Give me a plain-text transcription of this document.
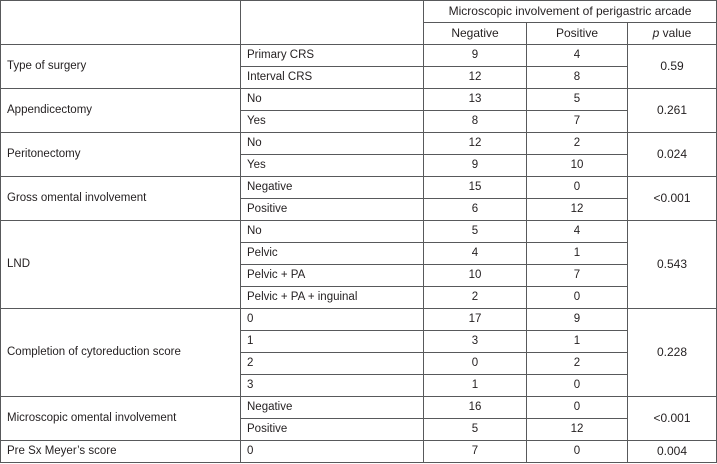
		Microscopic involvement of perigastric arcade		
		Negative	Positive	p value
Type of surgery	Primary CRS	9	4	0.59
	Interval CRS	12	8	
Appendicectomy	No	13	5	0.261
	Yes	8	7	
Peritonectomy	No	12	2	0.024
	Yes	9	10	
Gross omental involvement	Negative	15	0	<0.001
	Positive	6	12	
LND	No	5	4	0.543
	Pelvic	4	1	
	Pelvic + PA	10	7	
	Pelvic + PA + inguinal	2	0	
Completion of cytoreduction score	0	17	9	0.228
	1	3	1	
	2	0	2	
	3	1	0	
Microscopic omental involvement	Negative	16	0	<0.001
	Positive	5	12	
Pre Sx Meyer’s score	0	7	0	0.004
